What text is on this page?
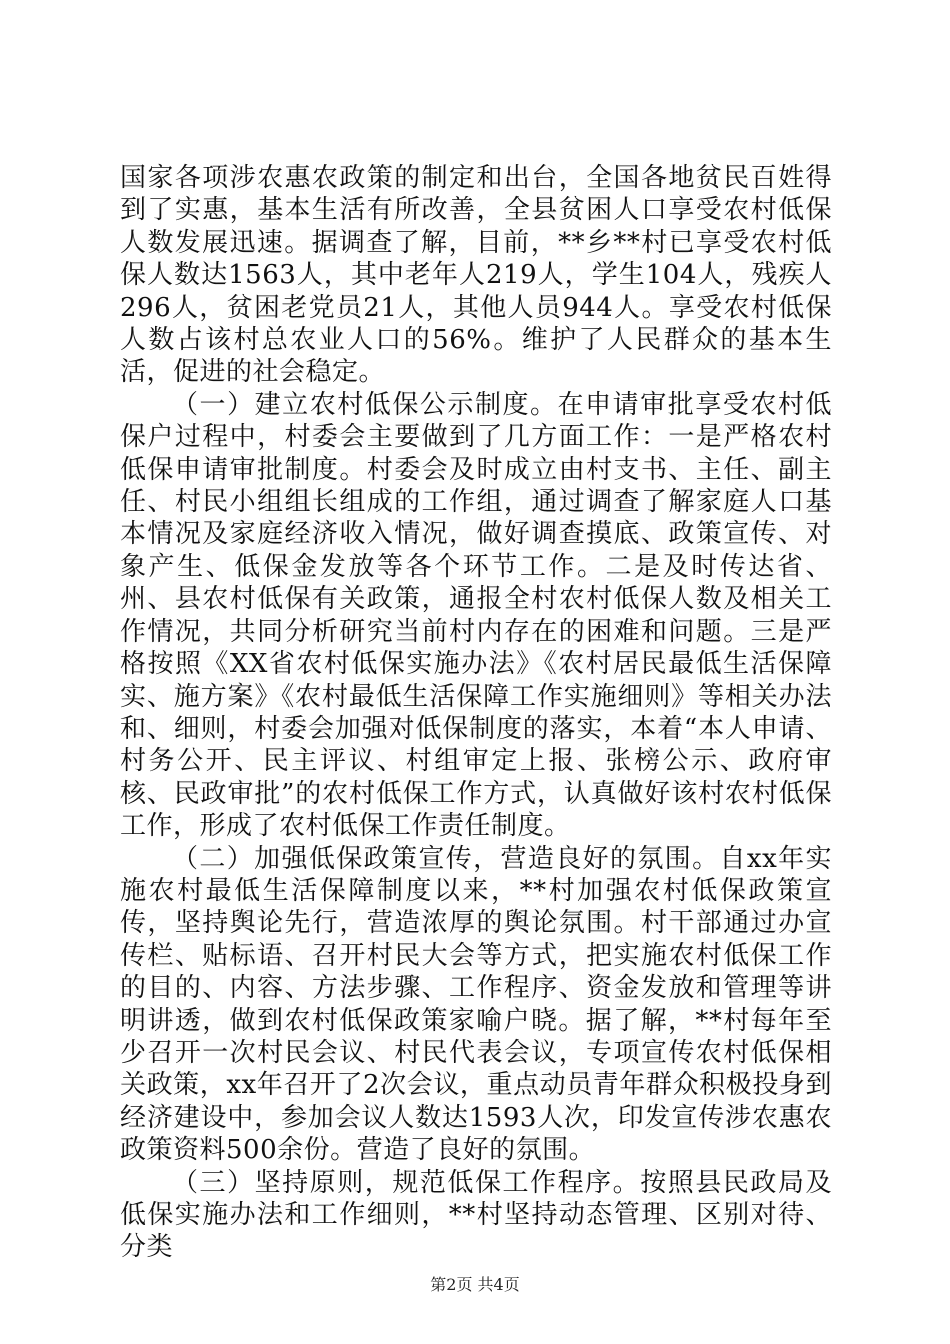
国家各项涉农惠农政策的制定和出台，全国各地贫民百姓得到了实惠，基本生活有所改善，全县贫困人口享受农村低保人数发展迅速。据调查了解，目前，**乡**村已享受农村低保人数达1563人，其中老年人219人，学生104人，残疾人296人，贫困老党员21人，其他人员944人。享受农村低保人数占该村总农业人口的56%。维护了人民群众的基本生活，促进的社会稳定。

（一）建立农村低保公示制度。在申请审批享受农村低保户过程中，村委会主要做到了几方面工作：一是严格农村低保申请审批制度。村委会及时成立由村支书、主任、副主任、村民小组组长组成的工作组，通过调查了解家庭人口基本情况及家庭经济收入情况，做好调查摸底、政策宣传、对象产生、低保金发放等各个环节工作。二是及时传达省、州、县农村低保有关政策，通报全村农村低保人数及相关工作情况，共同分析研究当前村内存在的困难和问题。三是严格按照《XX省农村低保实施办法》《农村居民最低生活保障实、施方案》《农村最低生活保障工作实施细则》等相关办法和、细则，村委会加强对低保制度的落实，本着“本人申请、村务公开、民主评议、村组审定上报、张榜公示、政府审核、民政审批”的农村低保工作方式，认真做好该村农村低保工作，形成了农村低保工作责任制度。

（二）加强低保政策宣传，营造良好的氛围。自xx年实施农村最低生活保障制度以来，**村加强农村低保政策宣传，坚持舆论先行，营造浓厚的舆论氛围。村干部通过办宣传栏、贴标语、召开村民大会等方式，把实施农村低保工作的目的、内容、方法步骤、工作程序、资金发放和管理等讲明讲透，做到农村低保政策家喻户晓。据了解，**村每年至少召开一次村民会议、村民代表会议，专项宣传农村低保相关政策，xx年召开了2次会议，重点动员青年群众积极投身到经济建设中，参加会议人数达1593人次，印发宣传涉农惠农政策资料500余份。营造了良好的氛围。

（三）坚持原则，规范低保工作程序。按照县民政局及低保实施办法和工作细则，**村坚持动态管理、区别对待、分类

第2页 共4页
